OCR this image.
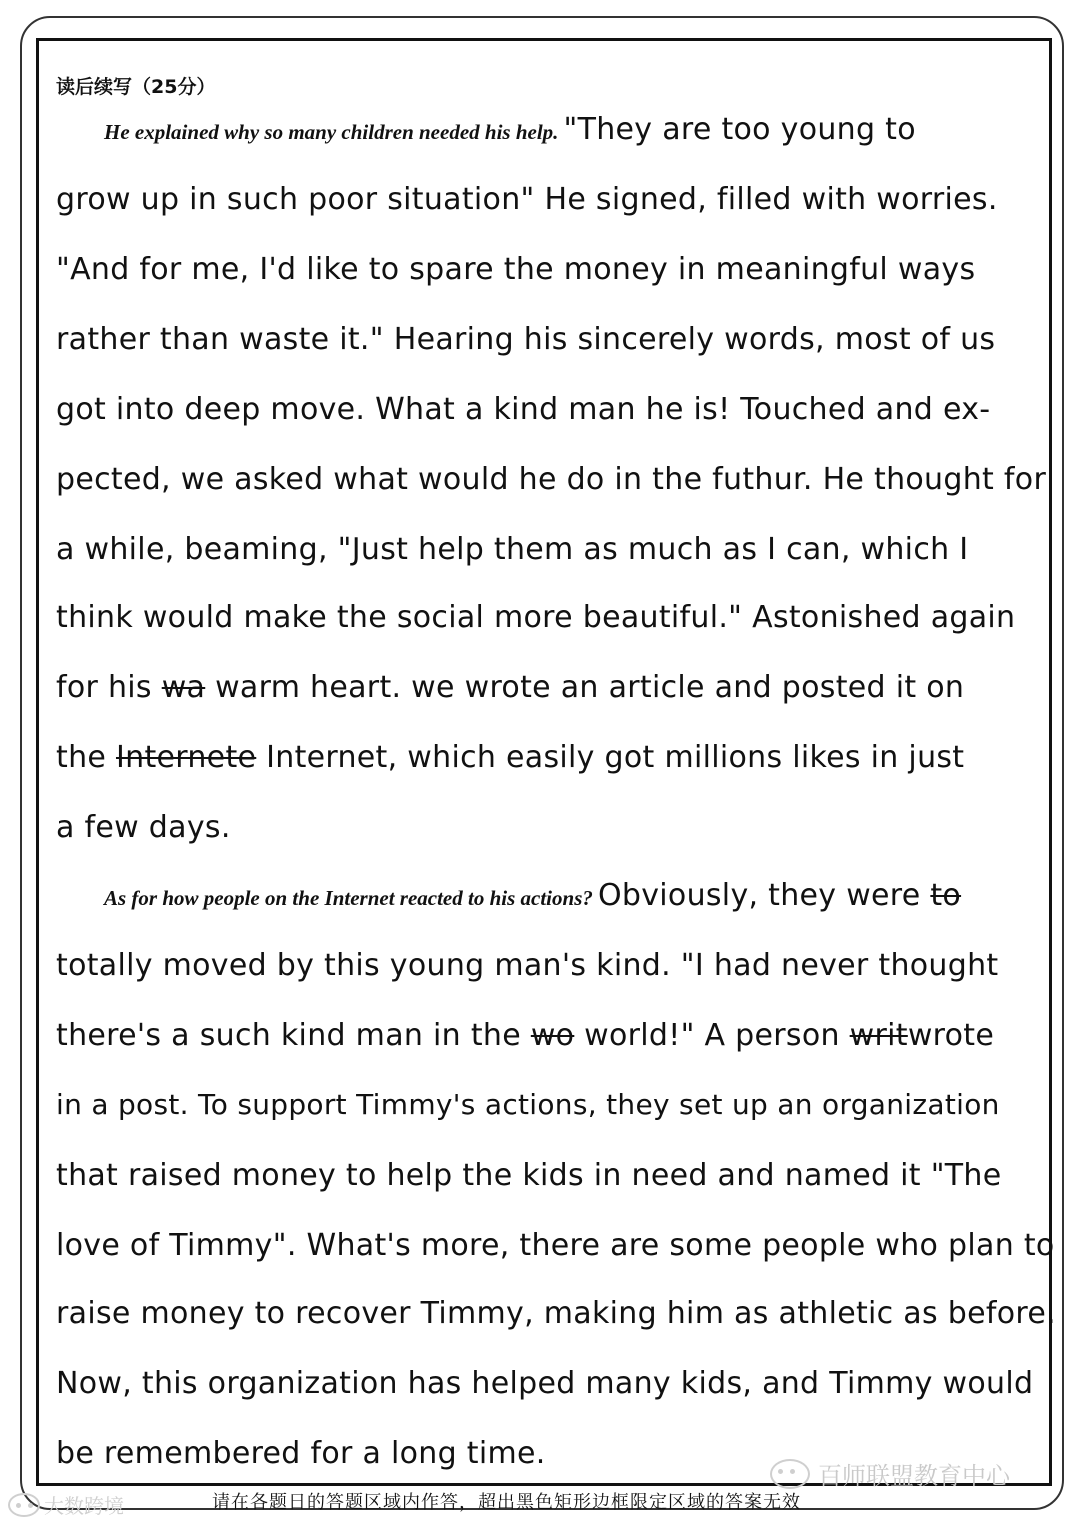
读后续写（25分）
He explained why so many children needed his help. "They are too young to
grow up in such poor situation" He signed, filled with worries.
"And for me, I'd like to spare the money in meaningful ways
rather than waste it." Hearing his sincerely words, most of us
got into deep move. What a kind man he is! Touched and ex-
pected, we asked what would he do in the futhur. He thought for
a while, beaming, "Just help them as much as I can, which I
think would make the social more beautiful." Astonished again
for his wa warm heart. we wrote an article and posted it on
the Internete Internet, which easily got millions likes in just
a few days.
As for how people on the Internet reacted to his actions? Obviously, they were to
totally moved by this young man's kind. "I had never thought
there's a such kind man in the wo world!" A person writwrote
in a post. To support Timmy's actions, they set up an organization
that raised money to help the kids in need and named it "The
love of Timmy". What's more, there are some people who plan to
raise money to recover Timmy, making him as athletic as before.
Now, this organization has helped many kids, and Timmy would
be remembered for a long time.
百师联盟教育中心
请在各题日的答题区域内作答，超出黑色矩形边框限定区域的答案无效
大数跨境
